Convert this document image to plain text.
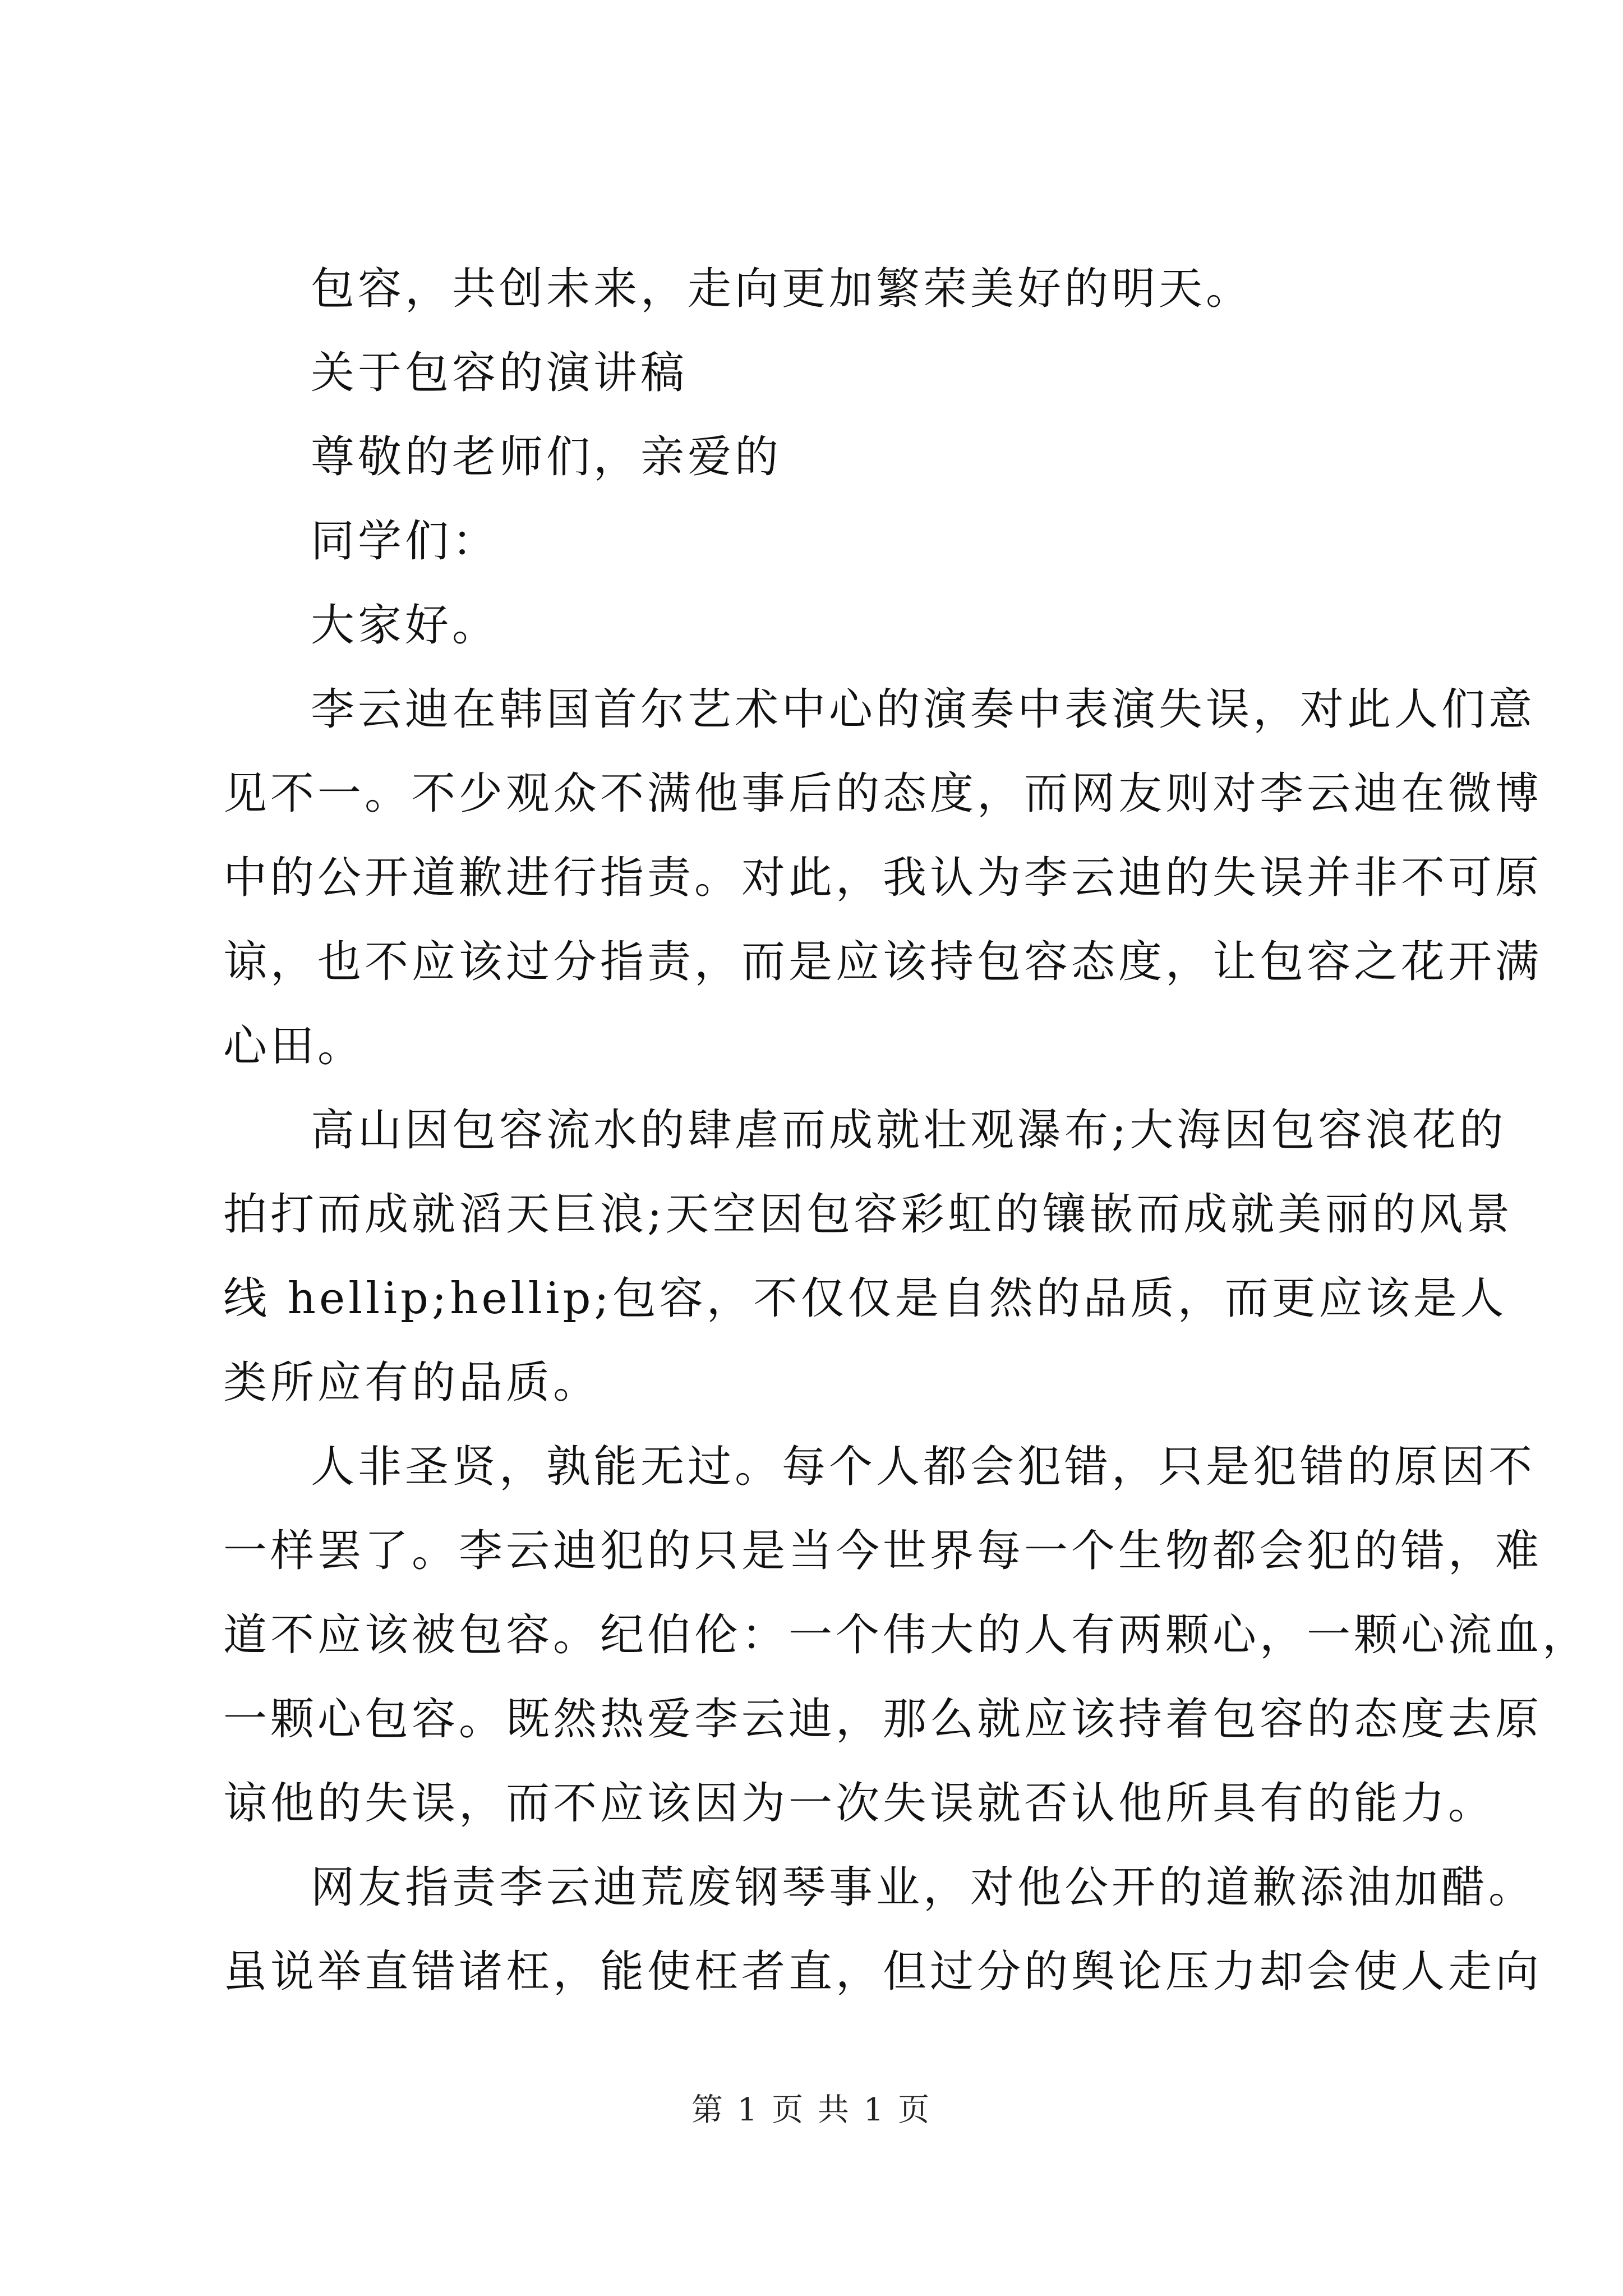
包容，共创未来，走向更加繁荣美好的明天。
关于包容的演讲稿
尊敬的老师们，亲爱的
同学们：
大家好。
李云迪在韩国首尔艺术中心的演奏中表演失误，对此人们意
见不一。不少观众不满他事后的态度，而网友则对李云迪在微博
中的公开道歉进行指责。对此，我认为李云迪的失误并非不可原
谅，也不应该过分指责，而是应该持包容态度，让包容之花开满
心田。
高山因包容流水的肆虐而成就壮观瀑布;大海因包容浪花的
拍打而成就滔天巨浪;天空因包容彩虹的镶嵌而成就美丽的风景
线 hellip;hellip;包容，不仅仅是自然的品质，而更应该是人
类所应有的品质。
人非圣贤，孰能无过。每个人都会犯错，只是犯错的原因不
一样罢了。李云迪犯的只是当今世界每一个生物都会犯的错，难
道不应该被包容。纪伯伦：一个伟大的人有两颗心，一颗心流血，
一颗心包容。既然热爱李云迪，那么就应该持着包容的态度去原
谅他的失误，而不应该因为一次失误就否认他所具有的能力。
网友指责李云迪荒废钢琴事业，对他公开的道歉添油加醋。
虽说举直错诸枉，能使枉者直，但过分的舆论压力却会使人走向
第 1 页 共 1 页
